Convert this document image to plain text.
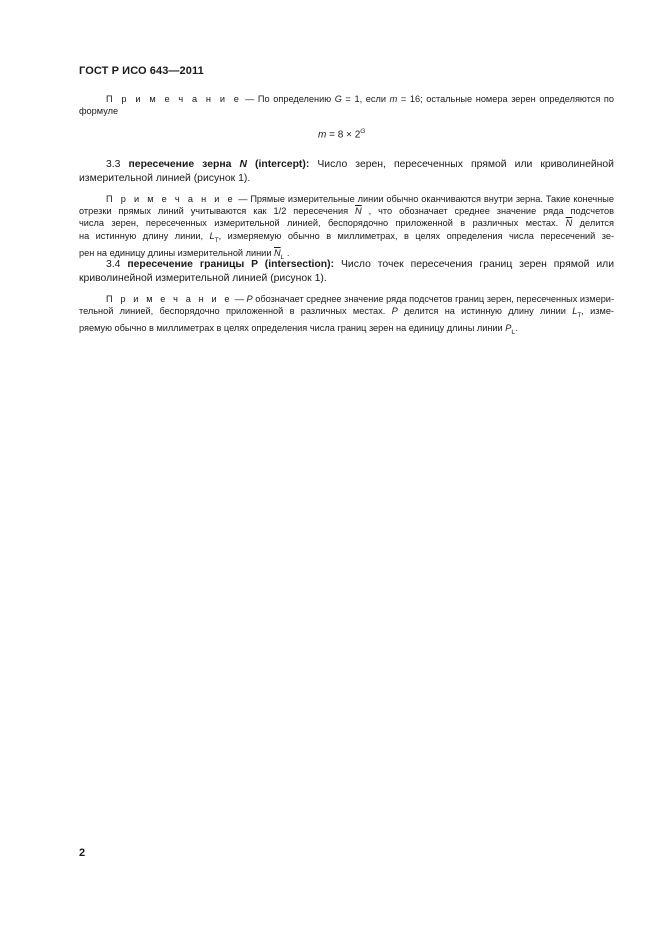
ГОСТ Р ИСО 643—2011
П р и м е ч а н и е — По определению G = 1, если m = 16; остальные номера зерен определяются по
формуле
$m = 8 \times 2^G$
3.3 пересечение зерна N (intercept): Число зерен, пересеченных прямой или криволинейной
измерительной линией (рисунок 1).
П р и м е ч а н и е — Прямые измерительные линии обычно оканчиваются внутри зерна. Такие конечные
отрезки прямых линий учитываются как 1/2 пересечения $\overline{N}$ , что обозначает среднее значение ряда подсчетов
числа зерен, пересеченных измерительной линией, беспорядочно приложенной в различных местах. $\overline{N}$ делится
на истинную длину линии, $L_T$, измеряемую обычно в миллиметрах, в целях определения числа пересечений зе-
рен на единицу длины измерительной линии $\overline{N}_L$ .
3.4 пересечение границы P (intersection): Число точек пересечения границ зерен прямой или
криволинейной измерительной линией (рисунок 1).
П р и м е ч а н и е — P обозначает среднее значение ряда подсчетов границ зерен, пересеченных измери-
тельной линией, беспорядочно приложенной в различных местах. P делится на истинную длину линии $L_T$, изме-
ряемую обычно в миллиметрах в целях определения числа границ зерен на единицу длины линии $P_L$.
2
